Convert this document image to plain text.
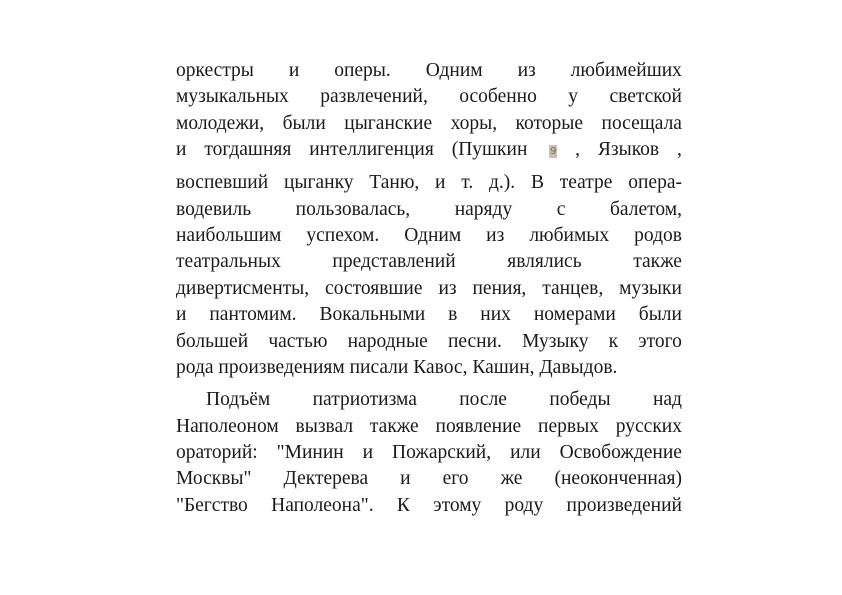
оркестры и оперы. Одним из любимейших
музыкальных развлечений, особенно у светской
молодежи, были цыганские хоры, которые посещала
и тогдашняя интеллигенция (Пушкин 9 , Языков ,
воспевший цыганку Таню, и т. д.). В театре опера-
водевиль пользовалась, наряду с балетом,
наибольшим успехом. Одним из любимых родов
театральных	представлений	являлись	также
дивертисменты, состоявшие из пения, танцев, музыки
и пантомим. Вокальными в них номерами были
большей частью народные песни. Музыку к этого
рода произведениям писали Кавос, Кашин, Давыдов.
Подъём патриотизма после победы над
Наполеоном вызвал также появление первых русских
ораторий: "Минин и Пожарский, или Освобождение
Москвы" Дектерева и его же (неоконченная)
"Бегство Наполеона". К этому роду произведений
